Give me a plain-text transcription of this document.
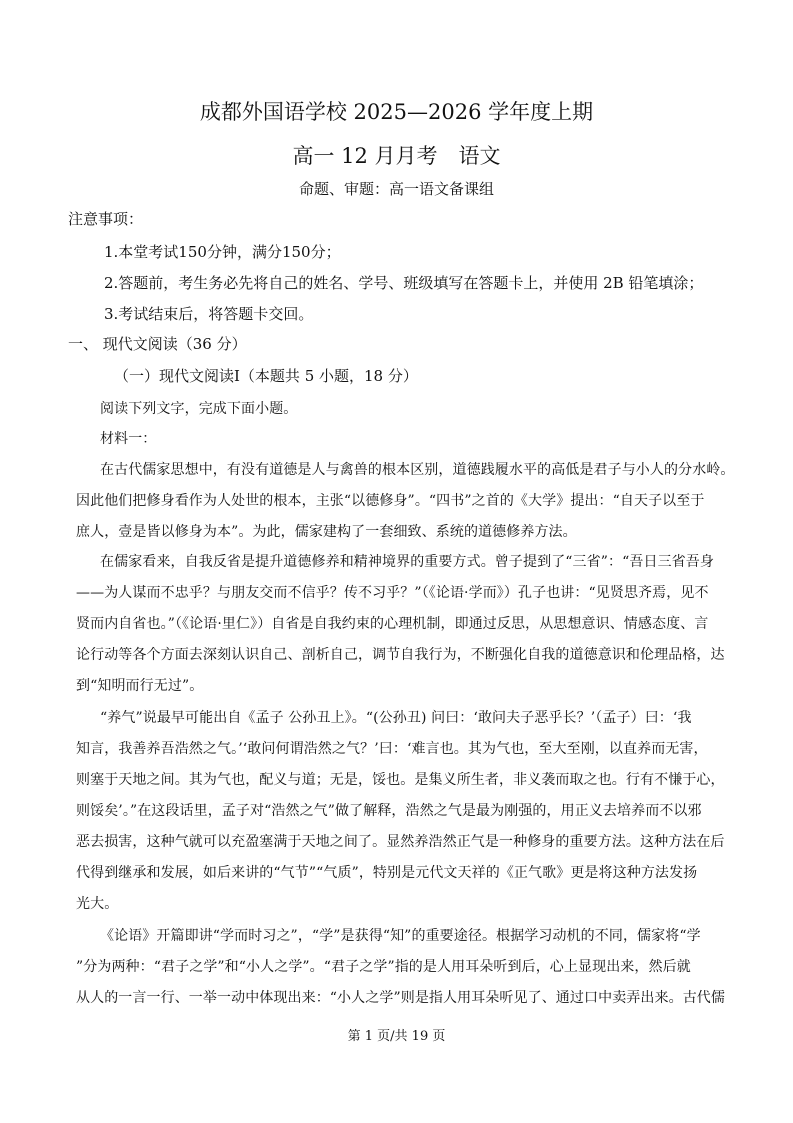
成都外国语学校 2025—2026 学年度上期
高一 12 月月考　语文
命题、审题：高一语文备课组
注意事项：
1.本堂考试150分钟，满分150分；
2.答题前，考生务必先将自己的姓名、学号、班级填写在答题卡上，并使用 2B 铅笔填涂；
3.考试结束后，将答题卡交回。
一、 现代文阅读（36 分）
（一）现代文阅读Ⅰ（本题共 5 小题，18 分）
阅读下列文字，完成下面小题。
材料一：
在古代儒家思想中，有没有道德是人与禽兽的根本区别，道德践履水平的高低是君子与小人的分水岭。
因此他们把修身看作为人处世的根本，主张“以德修身”。“四书”之首的《大学》提出：“自天子以至于
庶人，壹是皆以修身为本”。为此，儒家建构了一套细致、系统的道德修养方法。
在儒家看来，自我反省是提升道德修养和精神境界的重要方式。曾子提到了“三省”：“吾日三省吾身
——为人谋而不忠乎？与朋友交而不信乎？传不习乎？”（《论语·学而》）孔子也讲：“见贤思齐焉，见不
贤而内自省也。”（《论语·里仁》）自省是自我约束的心理机制，即通过反思，从思想意识、情感态度、言
论行动等各个方面去深刻认识自己、剖析自己，调节自我行为，不断强化自我的道德意识和伦理品格，达
到“知明而行无过”。
“养气”说最早可能出自《孟子 公孙丑上》。“(公孙丑) 问曰：‘敢问夫子恶乎长？’（孟子）曰：‘我
知言，我善养吾浩然之气。’‘敢问何谓浩然之气？’曰：‘难言也。其为气也，至大至刚，以直养而无害，
则塞于天地之间。其为气也，配义与道；无是，馁也。是集义所生者，非义袭而取之也。行有不慊于心，
则馁矣’。”在这段话里，孟子对“浩然之气”做了解释，浩然之气是最为刚强的，用正义去培养而不以邪
恶去损害，这种气就可以充盈塞满于天地之间了。显然养浩然正气是一种修身的重要方法。这种方法在后
代得到继承和发展，如后来讲的“气节”“气质”，特别是元代文天祥的《正气歌》更是将这种方法发扬
光大。
《论语》开篇即讲“学而时习之”，“学”是获得“知”的重要途径。根据学习动机的不同，儒家将“学
”分为两种：“君子之学”和“小人之学”。“君子之学”指的是人用耳朵听到后，心上显现出来，然后就
从人的一言一行、一举一动中体现出来：“小人之学”则是指人用耳朵听见了、通过口中卖弄出来。古代儒
第 1 页/共 19 页
